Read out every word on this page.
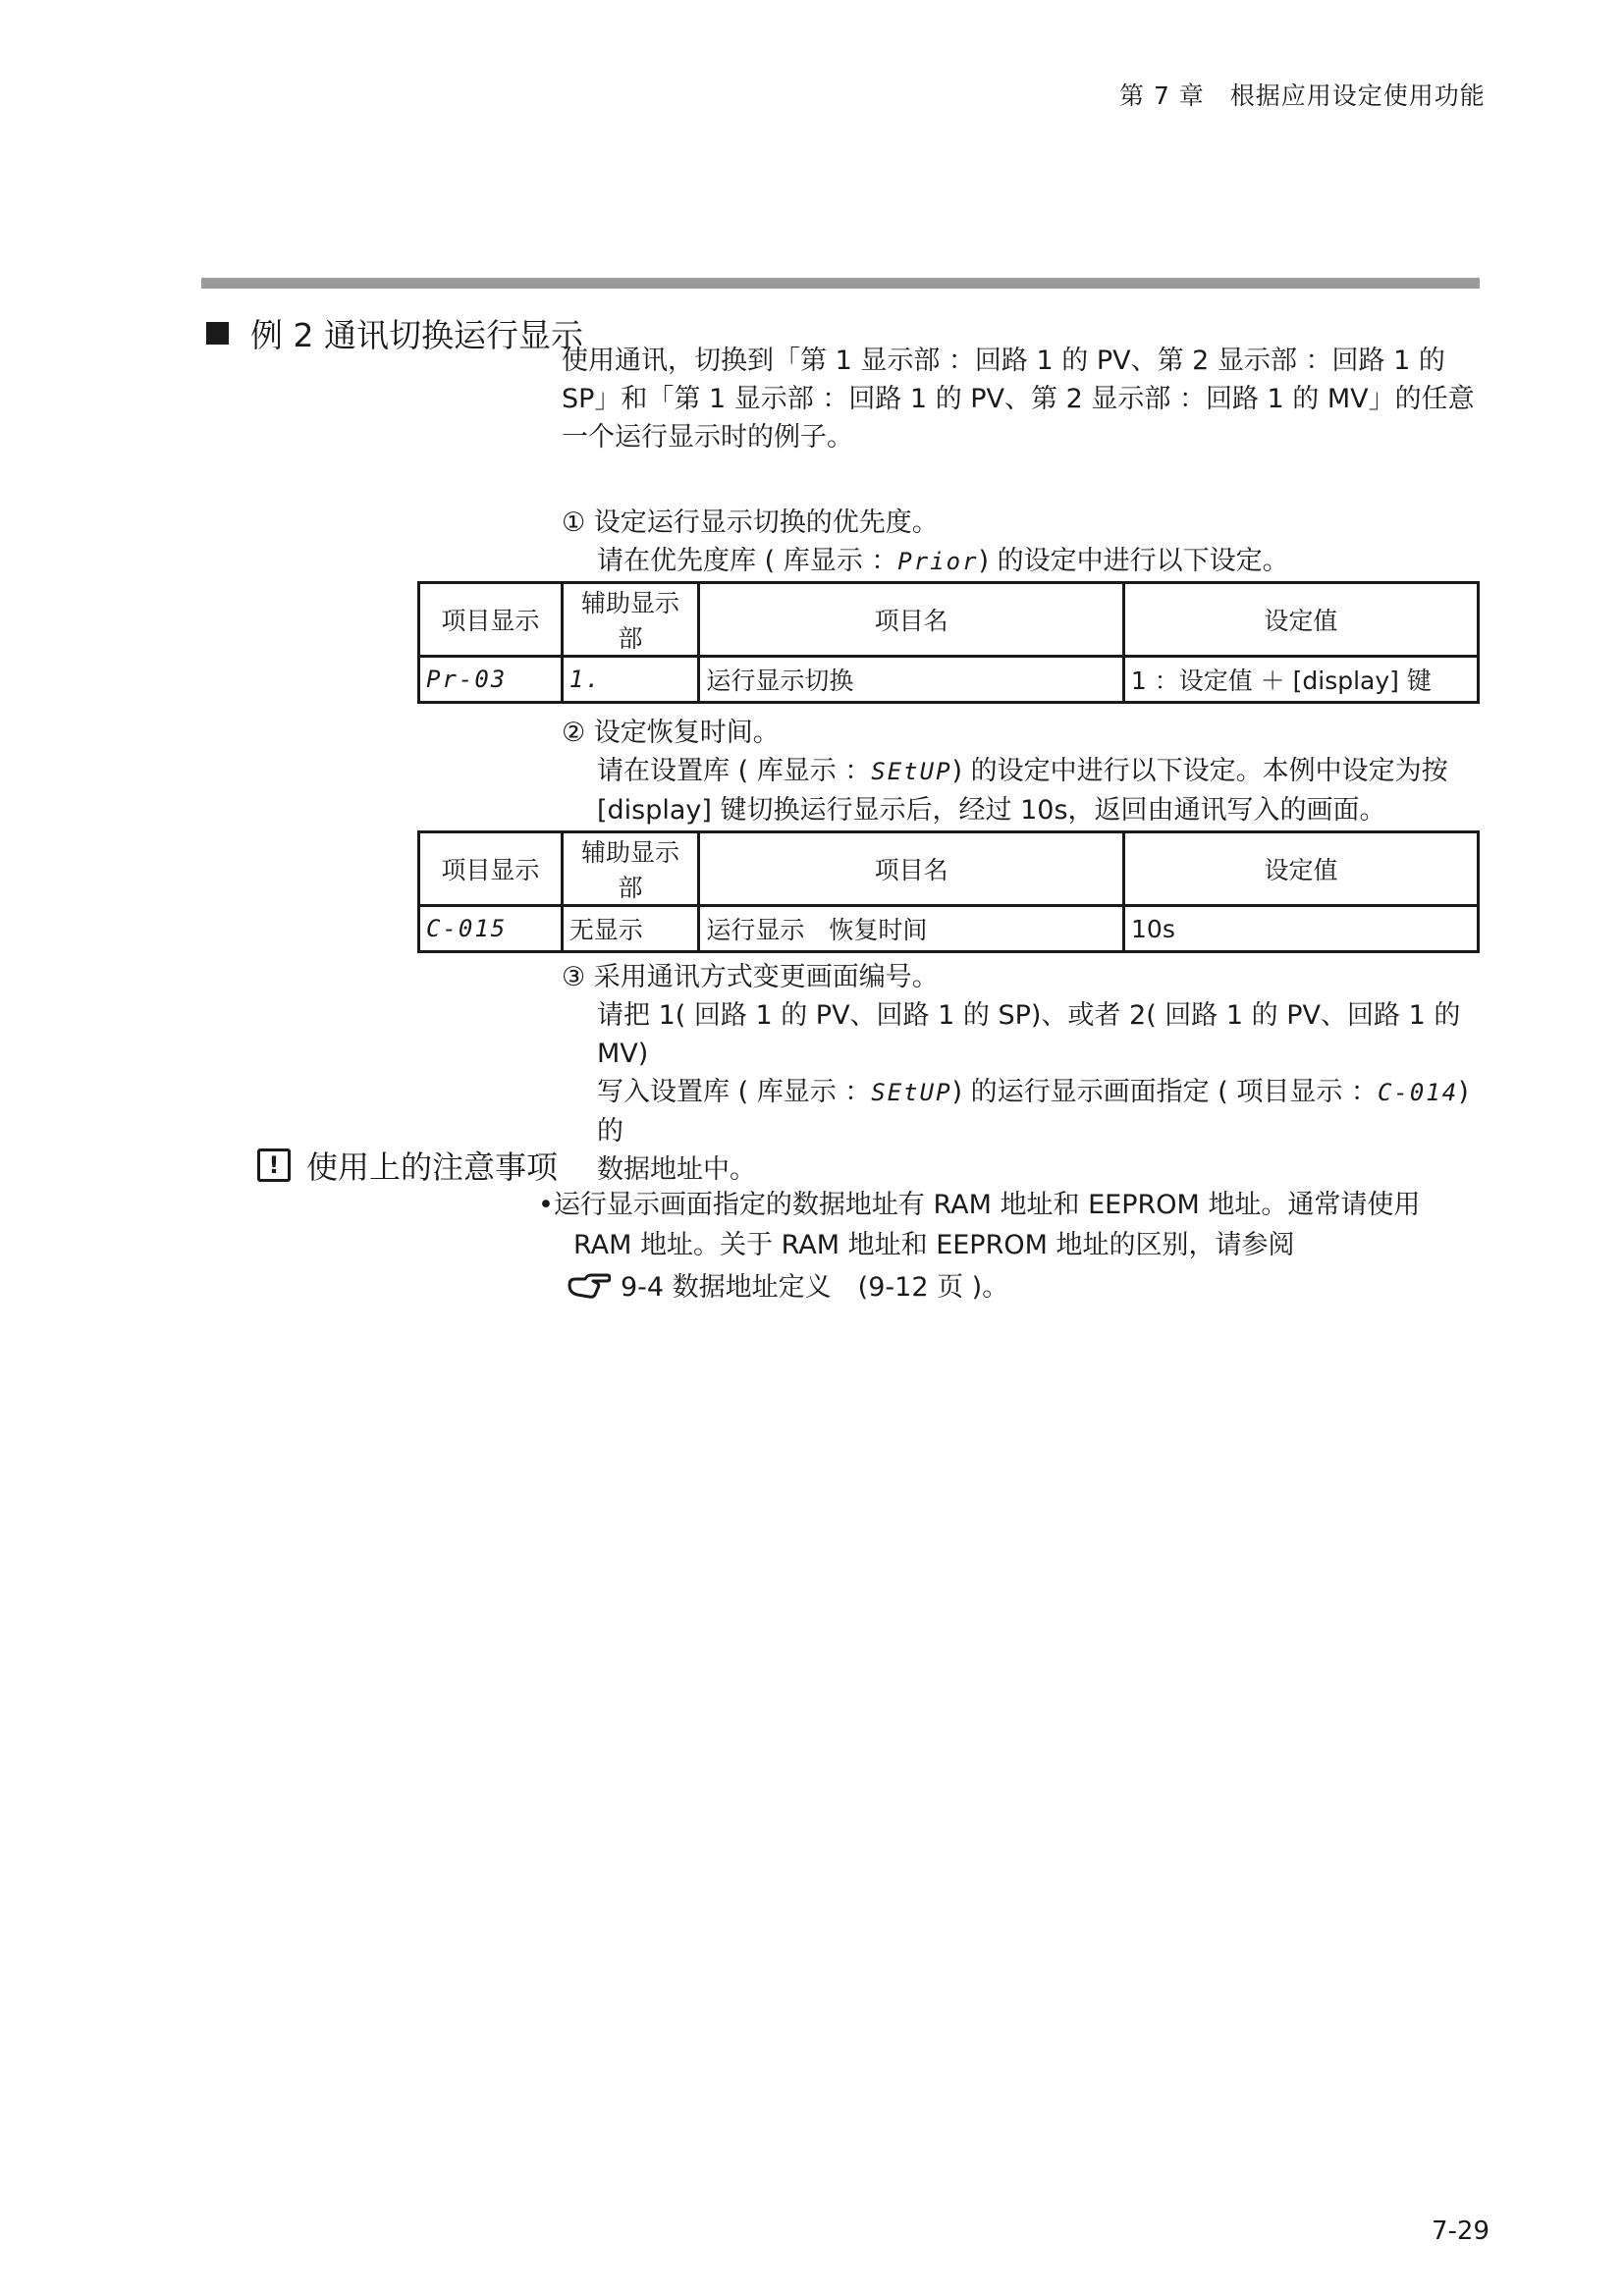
第 7 章　根据应用设定使用功能
例 2 通讯切换运行显示

使用通讯，切换到「第 1 显示部 ：回路 1 的 PV、第 2 显示部 ：回路 1 的

SP」和「第 1 显示部 ：回路 1 的 PV、第 2 显示部 ：回路 1 的 MV」的任意

一个运行显示时的例子。

① 设定运行显示切换的优先度。
请在优先度库 ( 库显示 ：Prior) 的设定中进行以下设定。
项目显示	辅助显示部	项目名	设定值
Pr-03	1.	运行显示切换	1 ：设定值 ＋ [display] 键
② 设定恢复时间。
请在设置库 ( 库显示 ：SEtUP) 的设定中进行以下设定。本例中设定为按
[display] 键切换运行显示后，经过 10s，返回由通讯写入的画面。
项目显示	辅助显示部	项目名	设定值
C-015	无显示	运行显示　恢复时间	10s
③ 采用通讯方式变更画面编号。
请把 1( 回路 1 的 PV、回路 1 的 SP)、或者 2( 回路 1 的 PV、回路 1 的 MV)
写入设置库 ( 库显示 ：SEtUP) 的运行显示画面指定 ( 项目显示 ：C-014) 的
数据地址中。
! 使用上的注意事项
•运行显示画面指定的数据地址有 RAM 地址和 EEPROM 地址。通常请使用
RAM 地址。关于 RAM 地址和 EEPROM 地址的区别，请参阅
9-4 数据地址定义　(9-12 页 )。
7-29
